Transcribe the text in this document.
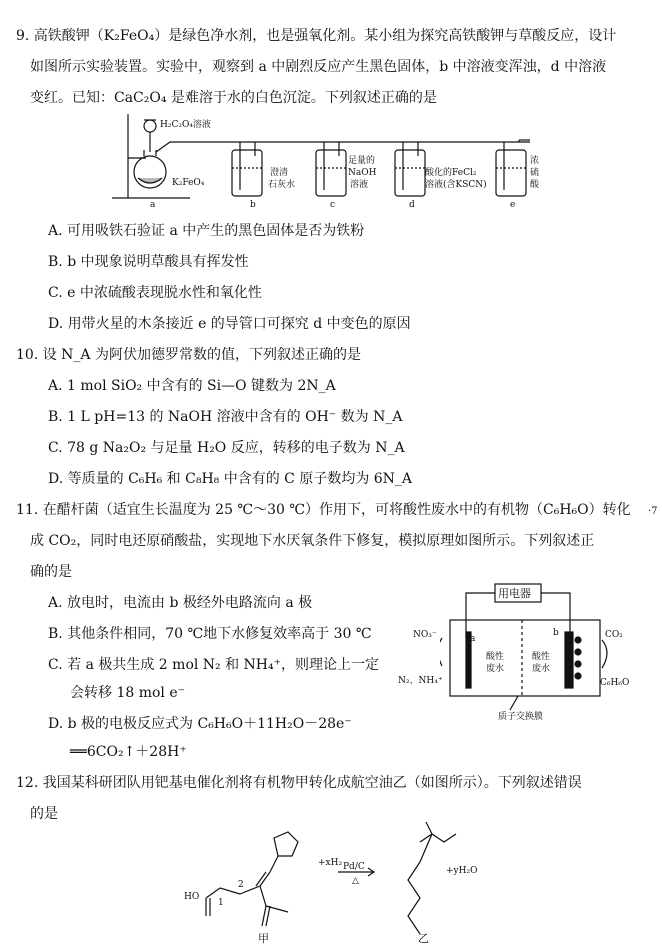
9. 高铁酸钾（K₂FeO₄）是绿色净水剂，也是强氧化剂。某小组为探究高铁酸钾与草酸反应，设计
如图所示实验装置。实验中，观察到 a 中剧烈反应产生黑色固体，b 中溶液变浑浊，d 中溶液
变红。已知：CaC₂O₄ 是难溶于水的白色沉淀。下列叙述正确的是
H₂C₂O₄溶液
K₂FeO₄
澄清
石灰水
足量的
NaOH
溶液
酸化的FeCl₂
溶液(含KSCN)
浓
硫
酸
a	b	c	d	e
A. 可用吸铁石验证 a 中产生的黑色固体是否为铁粉
B. b 中现象说明草酸具有挥发性
C. e 中浓硫酸表现脱水性和氧化性
D. 用带火星的木条接近 e 的导管口可探究 d 中变色的原因
10. 设 N_A 为阿伏加德罗常数的值，下列叙述正确的是
A. 1 mol SiO₂ 中含有的 Si—O 键数为 2N_A
B. 1 L pH=13 的 NaOH 溶液中含有的 OH⁻ 数为 N_A
C. 78 g Na₂O₂ 与足量 H₂O 反应，转移的电子数为 N_A
D. 等质量的 C₆H₆ 和 C₈H₈ 中含有的 C 原子数均为 6N_A
11. 在醋杆菌（适宜生长温度为 25 ℃～30 ℃）作用下，可将酸性废水中的有机物（C₆H₆O）转化 ·7
成 CO₂，同时电还原硝酸盐，实现地下水厌氧条件下修复，模拟原理如图所示。下列叙述正
确的是
A. 放电时，电流由 b 极经外电路流向 a 极
B. 其他条件相同，70 ℃地下水修复效率高于 30 ℃
C. 若 a 极共生成 2 mol N₂ 和 NH₄⁺，则理论上一定
会转移 18 mol e⁻
D. b 极的电极反应式为 C₆H₆O＋11H₂O－28e⁻
══6CO₂↑＋28H⁺
用电器
NO₃⁻
N₂、NH₄⁺
CO₂
C₆H₆O
酸性
废水
酸性
废水
a
b
质子交换膜
12. 我国某科研团队用钯基电催化剂将有机物甲转化成航空油乙（如图所示）。下列叙述错误
的是
+xH₂ Pd/C
△
+yH₂O
HO
1
2
甲	乙
